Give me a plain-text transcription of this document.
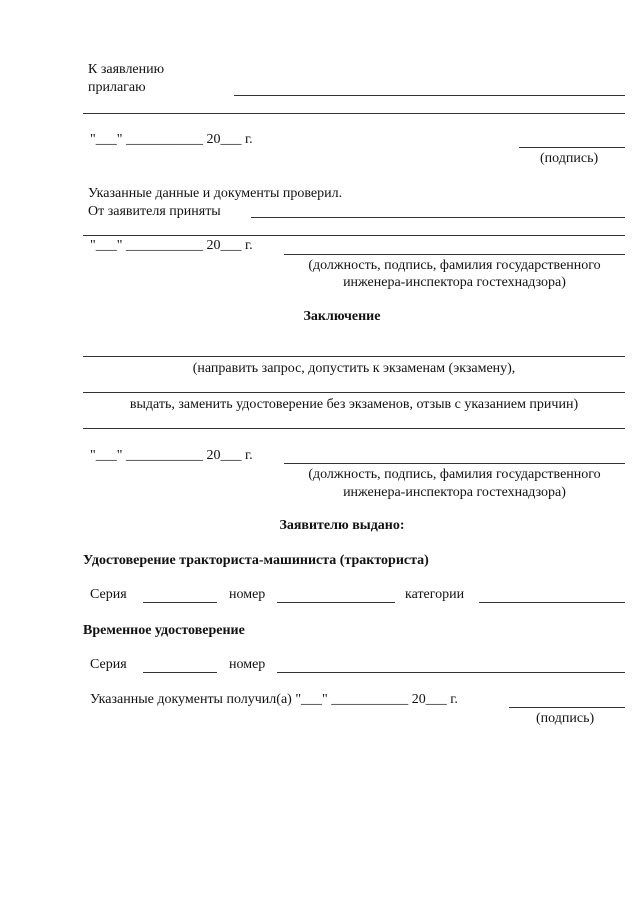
К заявлению
прилагаю
"___" ___________ 20___ г.
(подпись)
Указанные данные и документы проверил.
От заявителя приняты
"___" ___________ 20___ г.
(должность, подпись, фамилия государственного
инженера-инспектора гостехнадзора)
Заключение
(направить запрос, допустить к экзаменам (экзамену),
выдать, заменить удостоверение без экзаменов, отзыв с указанием причин)
"___" ___________ 20___ г.
(должность, подпись, фамилия государственного
инженера-инспектора гостехнадзора)
Заявителю выдано:
Удостоверение тракториста-машиниста (тракториста)
Серия	номер	категории
Временное удостоверение
Серия	номер
Указанные документы получил(а) "___" ___________ 20___ г.
(подпись)
